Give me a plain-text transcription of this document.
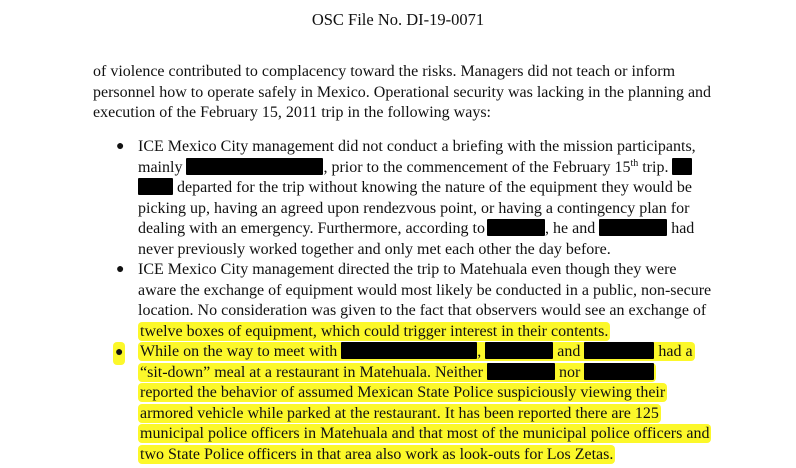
OSC File No. DI-19-0071
of violence contributed to complacency toward the risks. Managers did not teach or inform
personnel how to operate safely in Mexico. Operational security was lacking in the planning and
execution of the February 15, 2011 trip in the following ways:
● ICE Mexico City management did not conduct a briefing with the mission participants,
mainly	, prior to the commencement of the February 15th trip.
departed for the trip without knowing the nature of the equipment they would be
picking up, having an agreed upon rendezvous point, or having a contingency plan for
dealing with an emergency. Furthermore, according to	, he and	had
never previously worked together and only met each other the day before.
● ICE Mexico City management directed the trip to Matehuala even though they were
aware the exchange of equipment would most likely be conducted in a public, non-secure
location. No consideration was given to the fact that observers would see an exchange of
twelve boxes of equipment, which could trigger interest in their contents.
● While on the way to meet with	,	and	had a
“sit-down” meal at a restaurant in Matehuala. Neither	nor
reported the behavior of assumed Mexican State Police suspiciously viewing their
armored vehicle while parked at the restaurant. It has been reported there are 125
municipal police officers in Matehuala and that most of the municipal police officers and
two State Police officers in that area also work as look-outs for Los Zetas.
